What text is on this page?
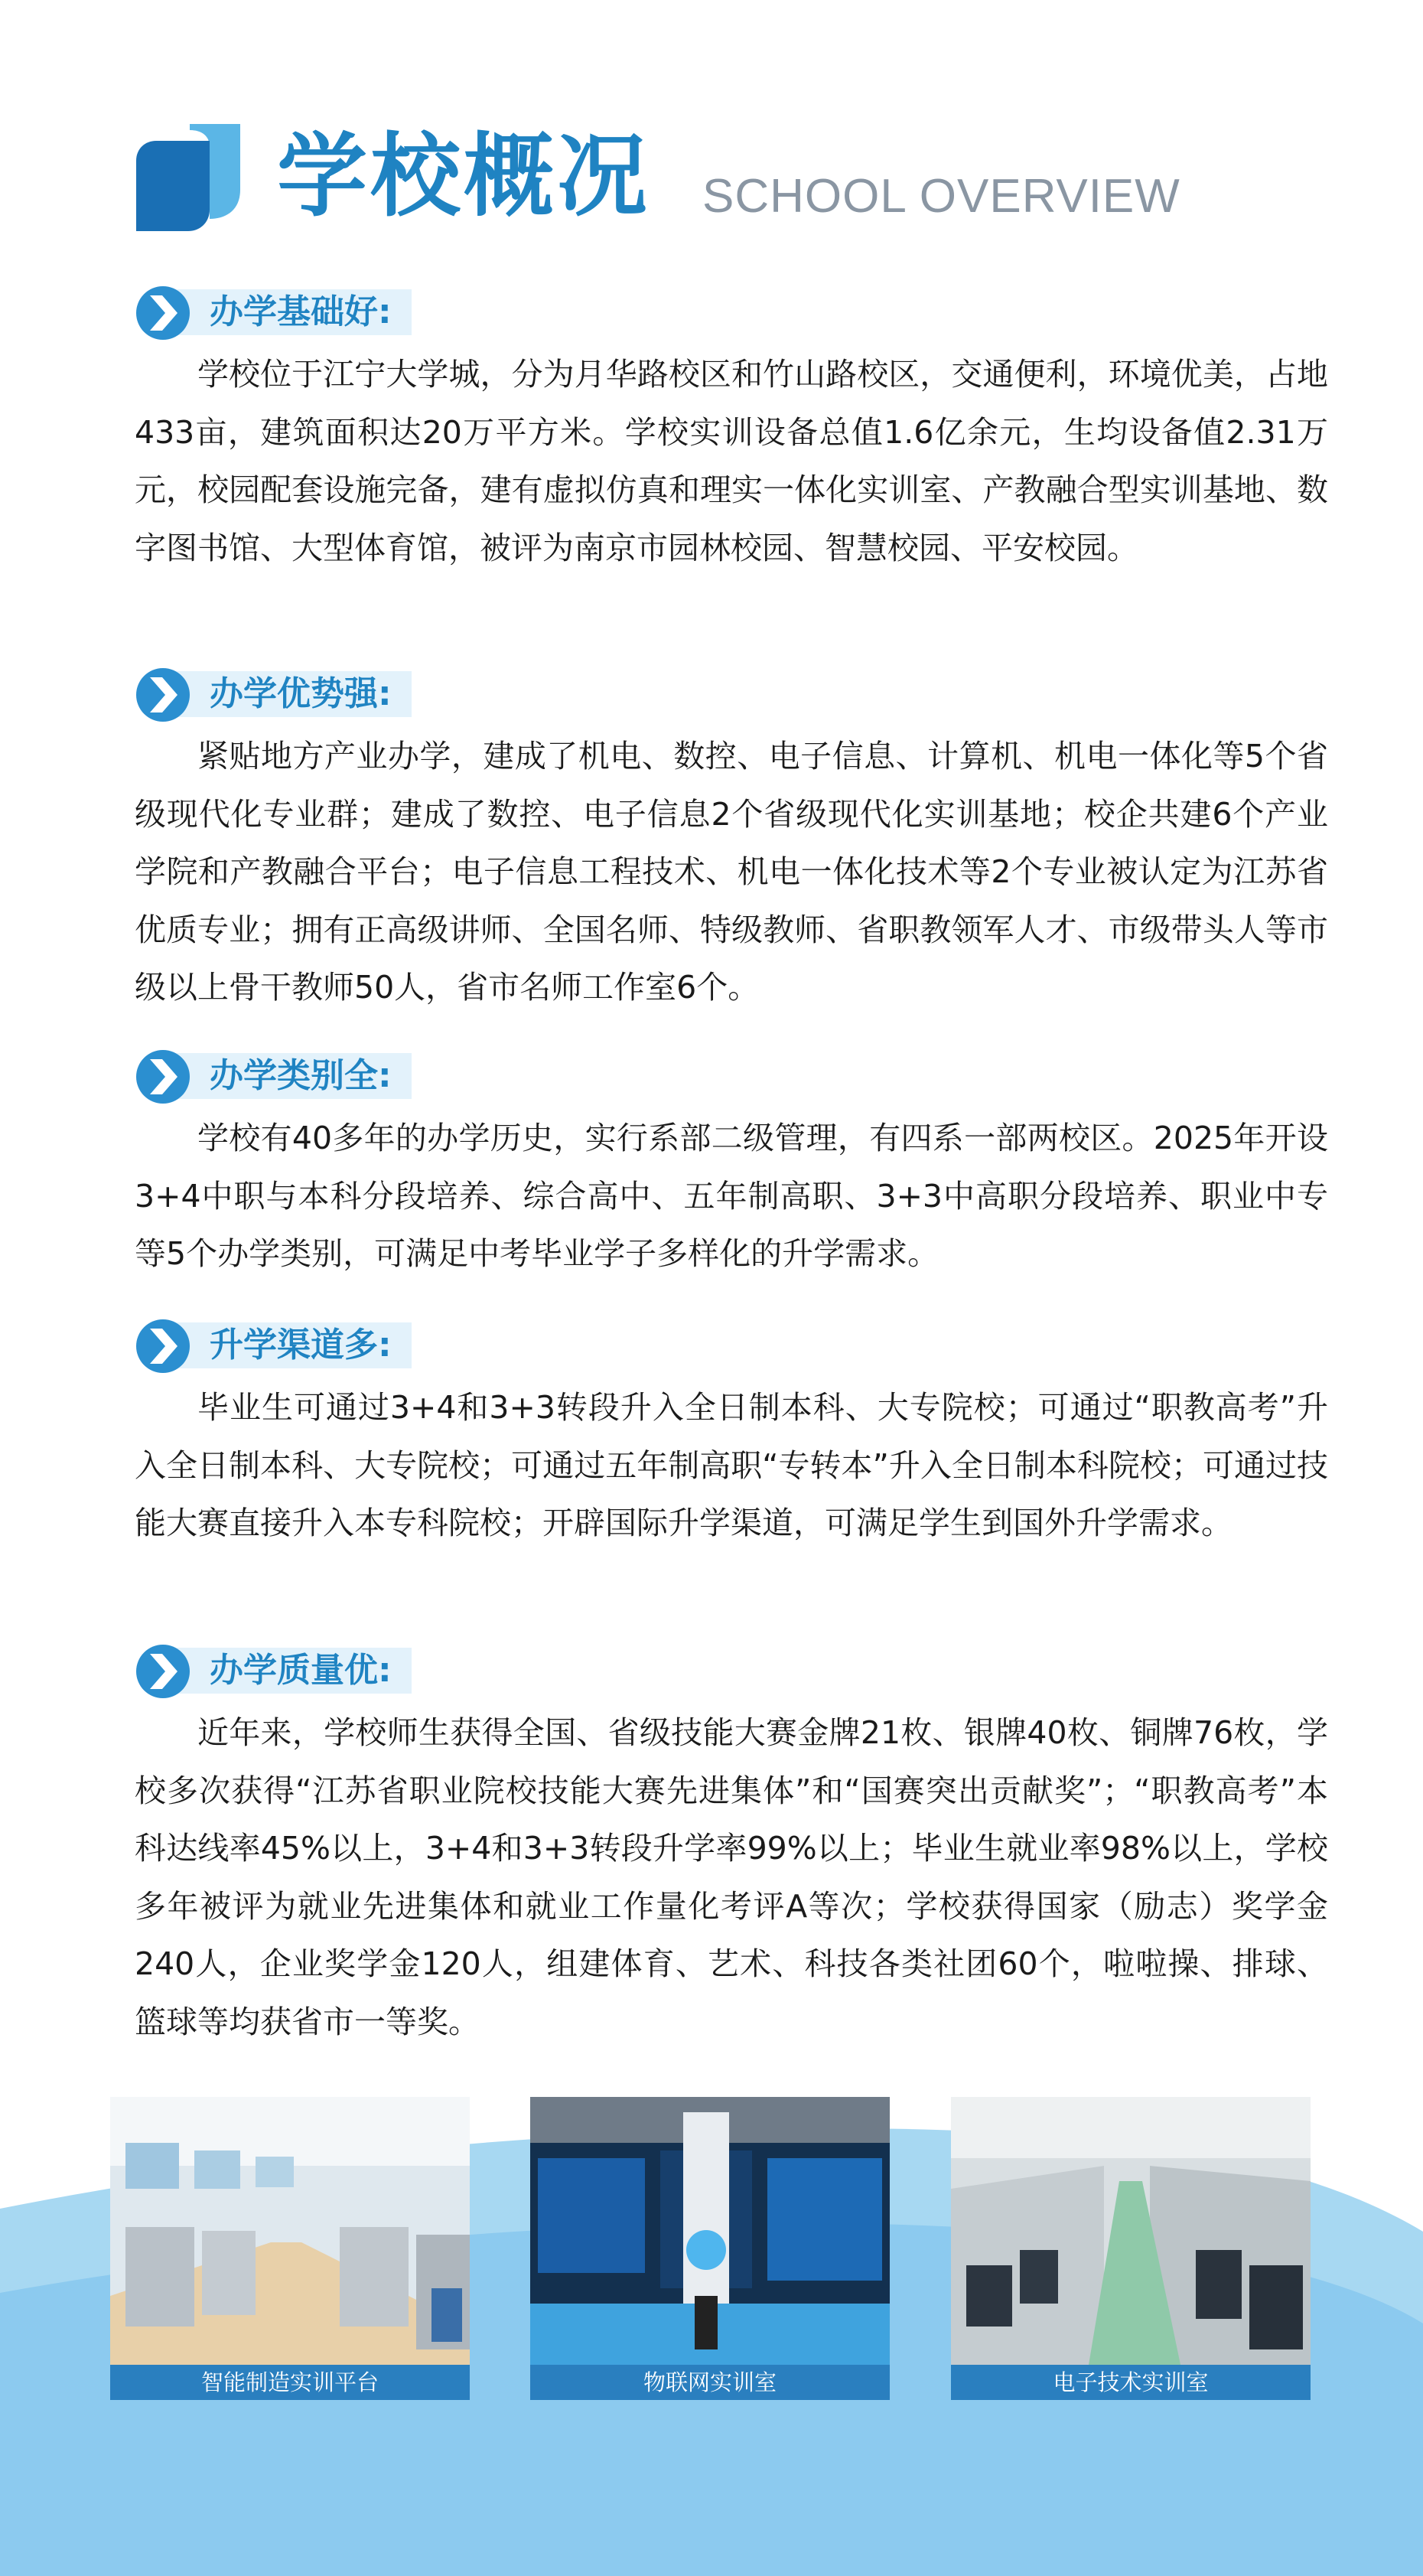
学校概况 SCHOOL OVERVIEW
办学基础好:

学校位于江宁大学城，分为月华路校区和竹山路校区，交通便利，环境优美，占地433亩，建筑面积达20万平方米。学校实训设备总值1.6亿余元，生均设备值2.31万元，校园配套设施完备，建有虚拟仿真和理实一体化实训室、产教融合型实训基地、数字图书馆、大型体育馆，被评为南京市园林校园、智慧校园、平安校园。

办学优势强:

紧贴地方产业办学，建成了机电、数控、电子信息、计算机、机电一体化等5个省级现代化专业群；建成了数控、电子信息2个省级现代化实训基地；校企共建6个产业学院和产教融合平台；电子信息工程技术、机电一体化技术等2个专业被认定为江苏省优质专业；拥有正高级讲师、全国名师、特级教师、省职教领军人才、市级带头人等市级以上骨干教师50人，省市名师工作室6个。

办学类别全:

学校有40多年的办学历史，实行系部二级管理，有四系一部两校区。2025年开设3+4中职与本科分段培养、综合高中、五年制高职、3+3中高职分段培养、职业中专等5个办学类别，可满足中考毕业学子多样化的升学需求。

升学渠道多:

毕业生可通过3+4和3+3转段升入全日制本科、大专院校；可通过“职教高考”升入全日制本科、大专院校；可通过五年制高职“专转本”升入全日制本科院校；可通过技能大赛直接升入本专科院校；开辟国际升学渠道，可满足学生到国外升学需求。

办学质量优:

近年来，学校师生获得全国、省级技能大赛金牌21枚、银牌40枚、铜牌76枚，学校多次获得“江苏省职业院校技能大赛先进集体”和“国赛突出贡献奖”；“职教高考”本科达线率45%以上，3+4和3+3转段升学率99%以上；毕业生就业率98%以上，学校多年被评为就业先进集体和就业工作量化考评A等次；学校获得国家（励志）奖学金240人，企业奖学金120人，组建体育、艺术、科技各类社团60个，啦啦操、排球、篮球等均获省市一等奖。

智能制造实训平台	物联网实训室	电子技术实训室
